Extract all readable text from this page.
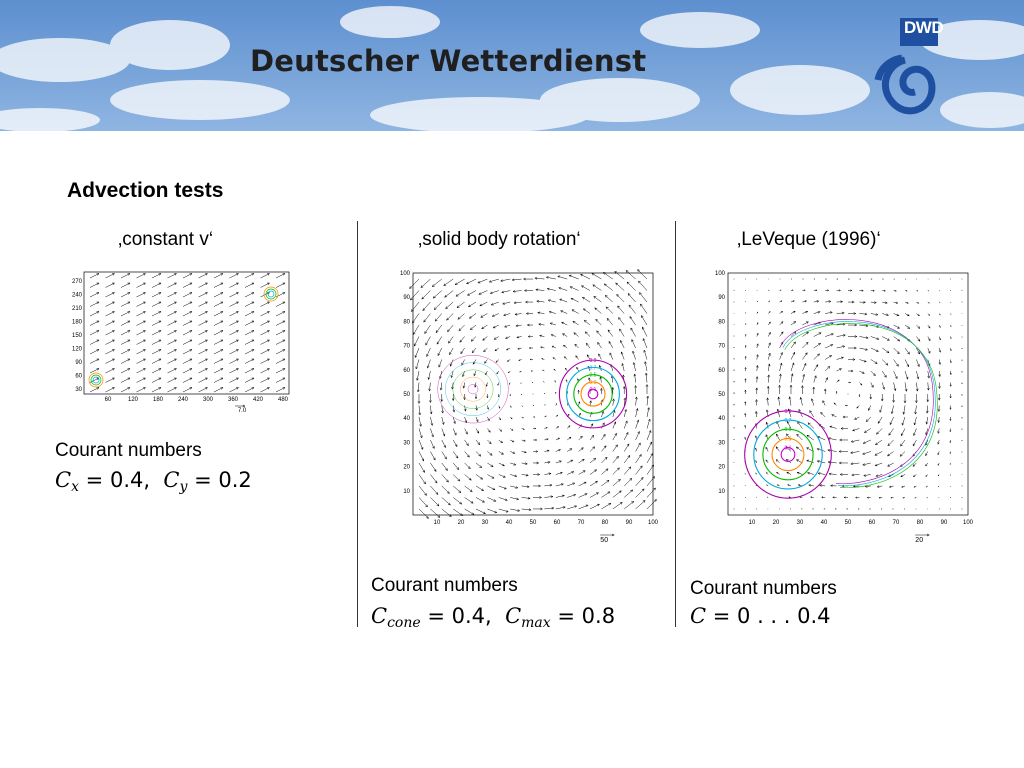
Deutscher Wetterdienst
DWD
Advection tests
‚constant v‘	‚solid body rotation‘	‚LeVeque (1996)‘
270
240
210
180
150
120
90
60
30
60	120 180 240 300 360 420 480
7.0
100
90
80
70
60
50
40
30
20
10
10	20	30	40	50	60	70	80	90	100
0.1
0.3
0.5
0.7
0.9
50
100
90
80
70
60
50
40
30
20
10
10	20	30	40	50	60	70	80	90	100
0.1
0.3
0.5
0.7
0.9
20
Courant numbers
$C_x = 0.4$,  $C_y = 0.2$
Courant numbers
$C_{cone} = 0.4$,  $C_{max} = 0.8$
Courant numbers
C = 0 . . . 0.4
